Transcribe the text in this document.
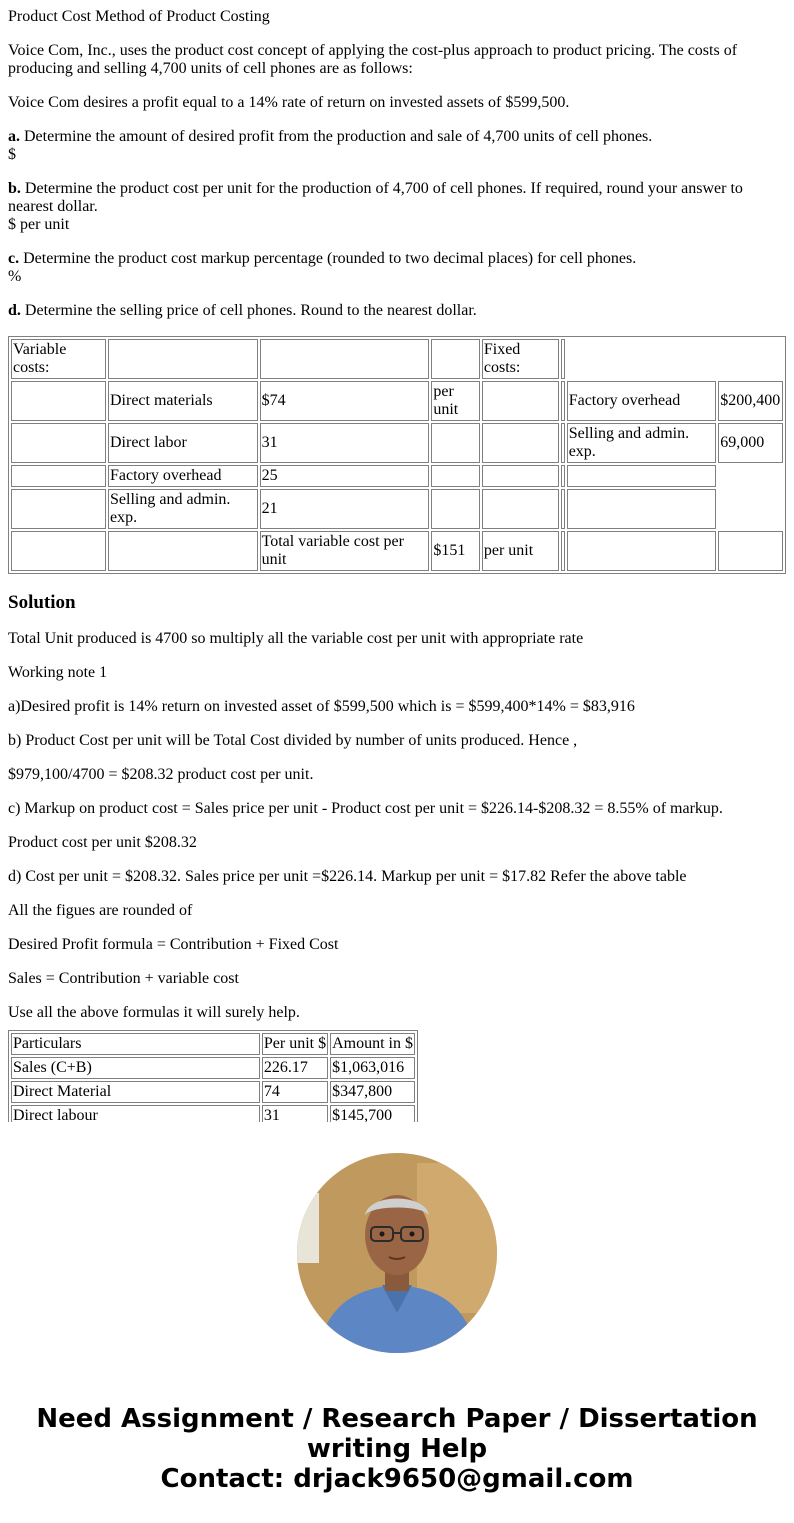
Product Cost Method of Product Costing

Voice Com, Inc., uses the product cost concept of applying the cost-plus approach to product pricing. The costs of producing and selling 4,700 units of cell phones are as follows:

Voice Com desires a profit equal to a 14% rate of return on invested assets of $599,500.

a. Determine the amount of desired profit from the production and sale of 4,700 units of cell phones.
$

b. Determine the product cost per unit for the production of 4,700 of cell phones. If required, round your answer to nearest dollar.
$ per unit

c. Determine the product cost markup percentage (rounded to two decimal places) for cell phones.
%

d. Determine the selling price of cell phones. Round to the nearest dollar.

Variable costs:				Fixed costs:			
	Direct materials	$74	per unit			Factory overhead	$200,400
	Direct labor	31				Selling and admin. exp.	69,000
	Factory overhead	25					
	Selling and admin. exp.	21					
		Total variable cost per unit	$151	per unit			
Solution

Total Unit produced is 4700 so multiply all the variable cost per unit with appropriate rate

Working note 1

a)Desired profit is 14% return on invested asset of $599,500 which is = $599,400*14% = $83,916

b) Product Cost per unit will be Total Cost divided by number of units produced. Hence ,

$979,100/4700 = $208.32 product cost per unit.

c) Markup on product cost = Sales price per unit - Product cost per unit = $226.14-$208.32 = 8.55% of markup.

Product cost per unit $208.32

d) Cost per unit = $208.32. Sales price per unit =$226.14. Markup per unit = $17.82 Refer the above table

All the figues are rounded of

Desired Profit formula = Contribution + Fixed Cost

Sales = Contribution + variable cost

Use all the above formulas it will surely help.

Particulars	Per unit $	Amount in $
Sales (C+B)	226.17	$1,063,016
Direct Material	74	$347,800
Direct labour	31	$145,700

Need Assignment / Research Paper / Dissertation
writing Help
Contact: drjack9650@gmail.com
